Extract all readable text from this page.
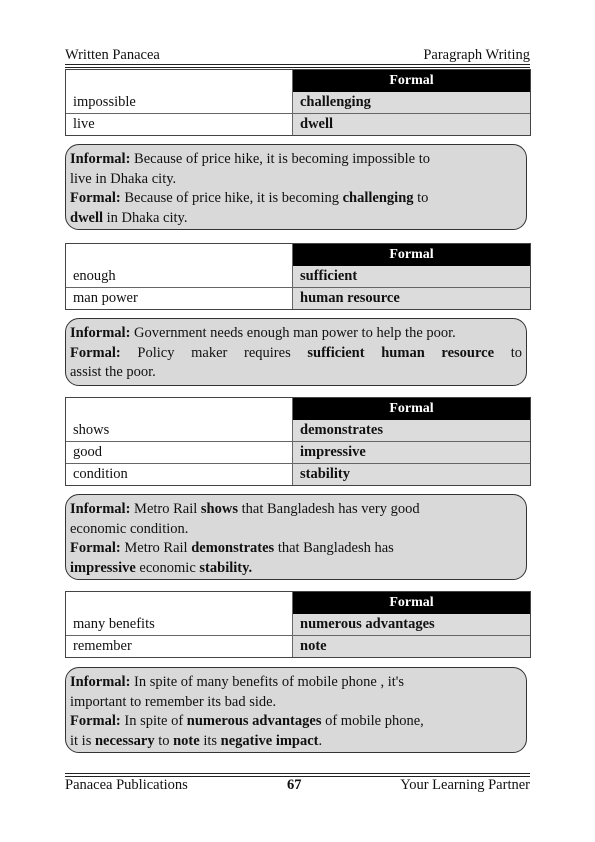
Written Panacea	Paragraph Writing
Informal	Formal
impossible	challenging
live	dwell

Informal: Because of price hike, it is becoming impossible to
live in Dhaka city.

Formal: Because of price hike, it is becoming challenging to
dwell in Dhaka city.

Informal	Formal
enough	sufficient
man power	human resource

Informal: Government needs enough man power to help the poor.

Formal: Policy maker requires sufficient human resource to

assist the poor.

Informal	Formal
shows	demonstrates
good	impressive
condition	stability

Informal: Metro Rail shows that Bangladesh has very good
economic condition.

Formal: Metro Rail demonstrates that Bangladesh has
impressive economic stability.

Informal	Formal
many benefits	numerous advantages
remember	note

Informal: In spite of many benefits of mobile phone , it's
important to remember its bad side.

Formal: In spite of numerous advantages of mobile phone,
it is necessary to note its negative impact.

Panacea Publications	67	Your Learning Partner
